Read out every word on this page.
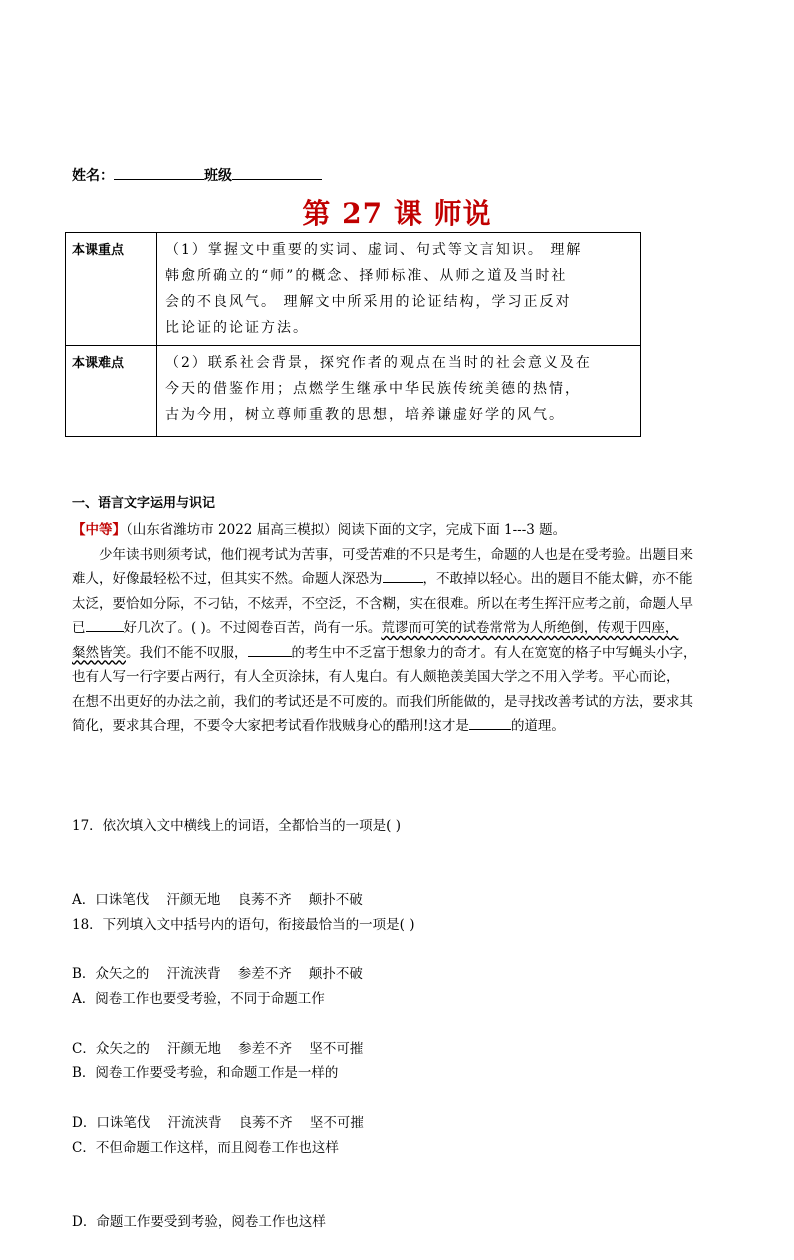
姓名：	班级
第 27 课 师说
本课重点	（1）掌握文中重要的实词、虚词、句式等文言知识。 理解
韩愈所确立的“师”的概念、择师标准、从师之道及当时社
会的不良风气。 理解文中所采用的论证结构，学习正反对
比论证的论证方法。

本课难点	（2）联系社会背景，探究作者的观点在当时的社会意义及在
今天的借鉴作用；点燃学生继承中华民族传统美德的热情，
古为今用，树立尊师重教的思想，培养谦虚好学的风气。
一、语言文字运用与识记
【中等】（山东省潍坊市 2022 届高三模拟）阅读下面的文字，完成下面 1---3 题。
少年读书则须考试，他们视考试为苦事，可受苦难的不只是考生，命题的人也是在受考验。出题目来
难人，好像最轻松不过，但其实不然。命题人深恐为	，不敢掉以轻心。出的题目不能太僻，亦不能
太泛，要恰如分际，不刁钻，不炫弄，不空泛，不含糊，实在很难。所以在考生挥汗应考之前，命题人早
已	好几次了。( )。不过阅卷百苦，尚有一乐。荒谬而可笑的试卷常常为人所绝倒，传观于四座，
粲然皆笑。我们不能不叹服，	的考生中不乏富于想象力的奇才。有人在宽宽的格子中写蝇头小字，
也有人写一行字要占两行，有人全页涂抹，有人鬼白。有人颇艳羡美国大学之不用入学考。平心而论，
在想不出更好的办法之前，我们的考试还是不可废的。而我们所能做的，是寻找改善考试的方法，要求其
简化，要求其合理，不要令大家把考试看作戕贼身心的酷刑!这才是	的道理。

17．依次填入文中横线上的词语，全都恰当的一项是( )

A．口诛笔伐    汗颜无地    良莠不齐    颠扑不破

B．众矢之的    汗流浃背    参差不齐    颠扑不破

C．众矢之的    汗颜无地    参差不齐    坚不可摧

D．口诛笔伐    汗流浃背    良莠不齐    坚不可摧

18．下列填入文中括号内的语句，衔接最恰当的一项是( )

A．阅卷工作也要受考验，不同于命题工作

B．阅卷工作要受考验，和命题工作是一样的

C．不但命题工作这样，而且阅卷工作也这样

D．命题工作要受到考验，阅卷工作也这样
